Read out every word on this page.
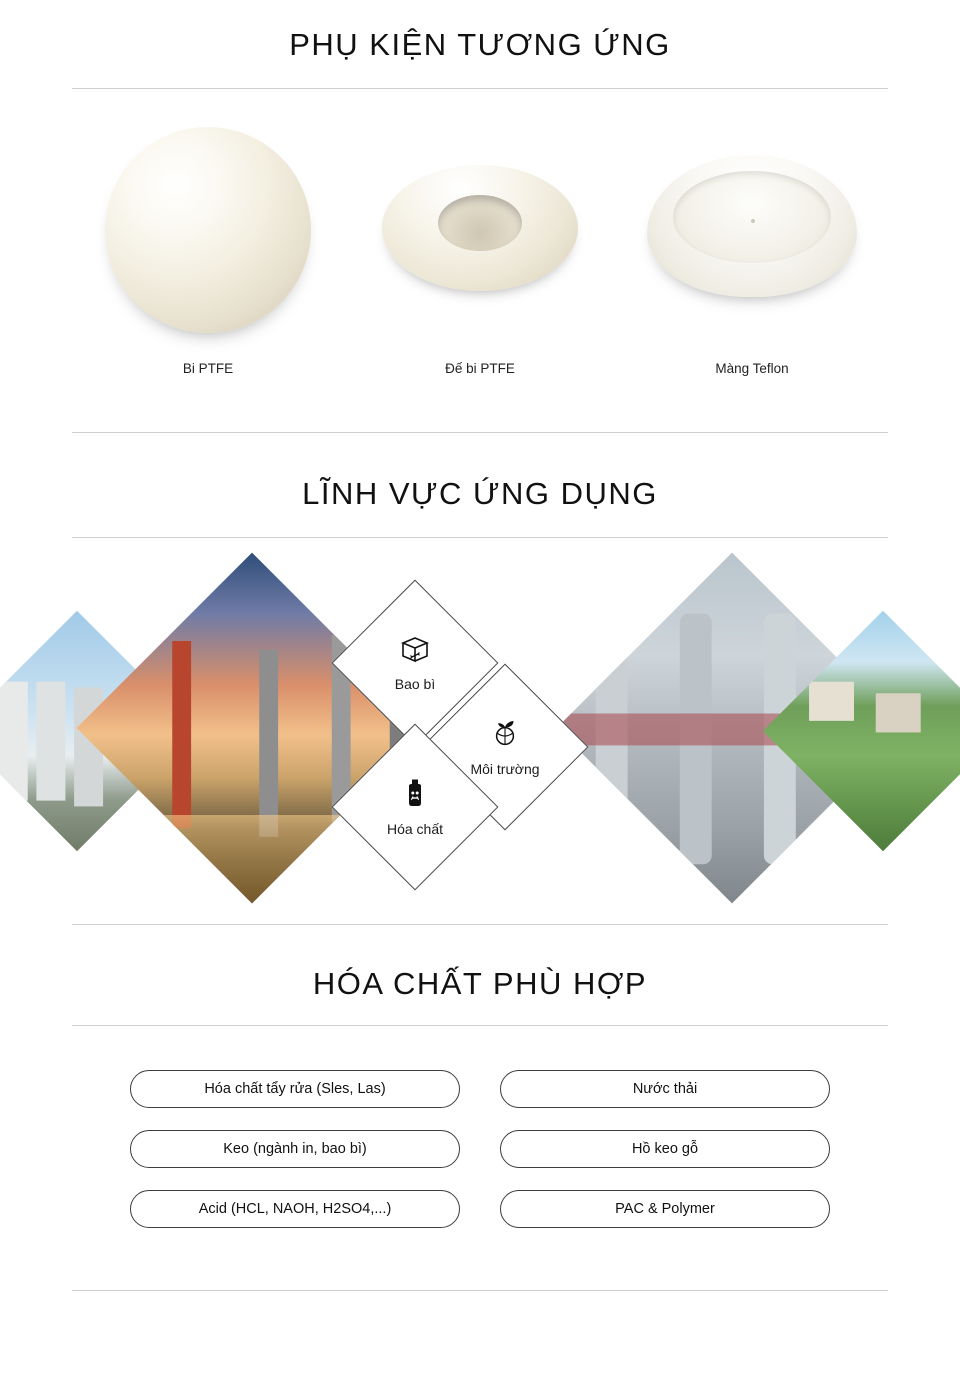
PHỤ KIỆN TƯƠNG ỨNG
Bi PTFE	Đế bi PTFE	Màng Teflon
LĨNH VỰC ỨNG DỤNG
Bao bì
Môi trường
Hóa chất
HÓA CHẤT PHÙ HỢP
Hóa chất tẩy rửa (Sles, Las)	Nước thải
Keo (ngành in, bao bì)	Hồ keo gỗ
Acid (HCL, NAOH, H2SO4,...)	PAC & Polymer
